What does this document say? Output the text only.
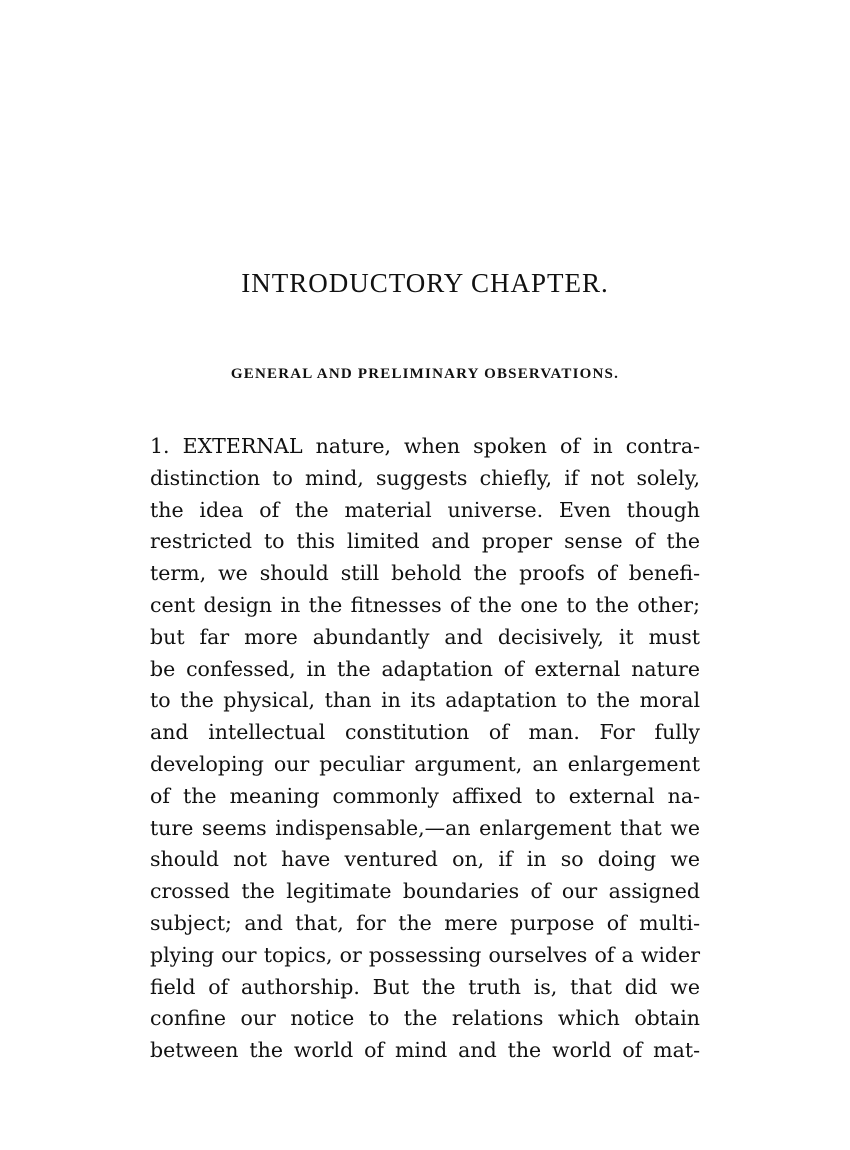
INTRODUCTORY CHAPTER.
GENERAL AND PRELIMINARY OBSERVATIONS.
1. EXTERNAL nature, when spoken of in contra-
distinction to mind, suggests chiefly, if not solely,
the idea of the material universe. Even though
restricted to this limited and proper sense of the
term, we should still behold the proofs of benefi-
cent design in the fitnesses of the one to the other;
but far more abundantly and decisively, it must
be confessed, in the adaptation of external nature
to the physical, than in its adaptation to the moral
and intellectual constitution of man. For fully
developing our peculiar argument, an enlargement
of the meaning commonly affixed to external na-
ture seems indispensable,—an enlargement that we
should not have ventured on, if in so doing we
crossed the legitimate boundaries of our assigned
subject; and that, for the mere purpose of multi-
plying our topics, or possessing ourselves of a wider
field of authorship. But the truth is, that did we
confine our notice to the relations which obtain
between the world of mind and the world of mat-
